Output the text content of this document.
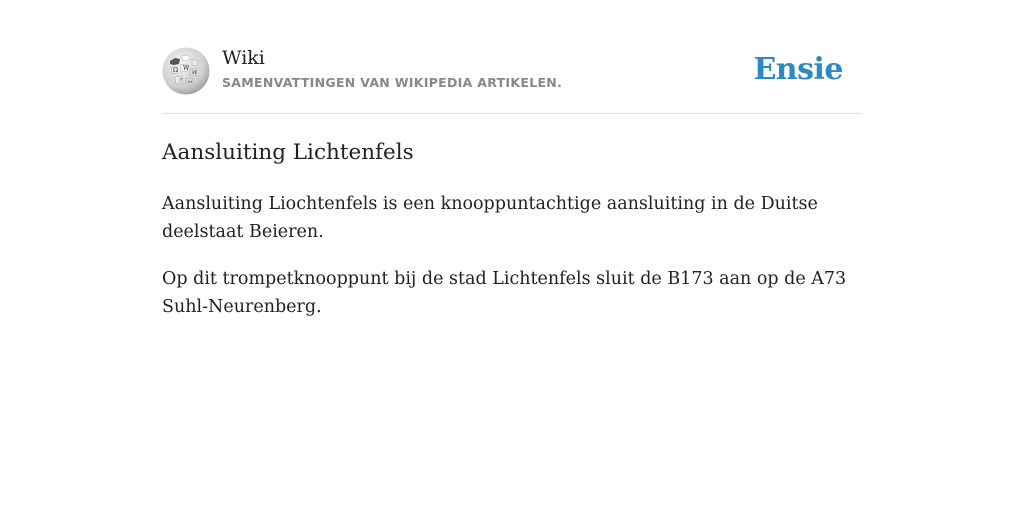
Ω W
И
ク ω
Wiki
SAMENVATTINGEN VAN WIKIPEDIA ARTIKELEN.	Ensie
Aansluiting Lichtenfels

Aansluiting Liochtenfels is een knooppuntachtige aansluiting in de Duitse deelstaat Beieren.

Op dit trompetknooppunt bij de stad Lichtenfels sluit de B173 aan op de A73 Suhl-Neurenberg.
